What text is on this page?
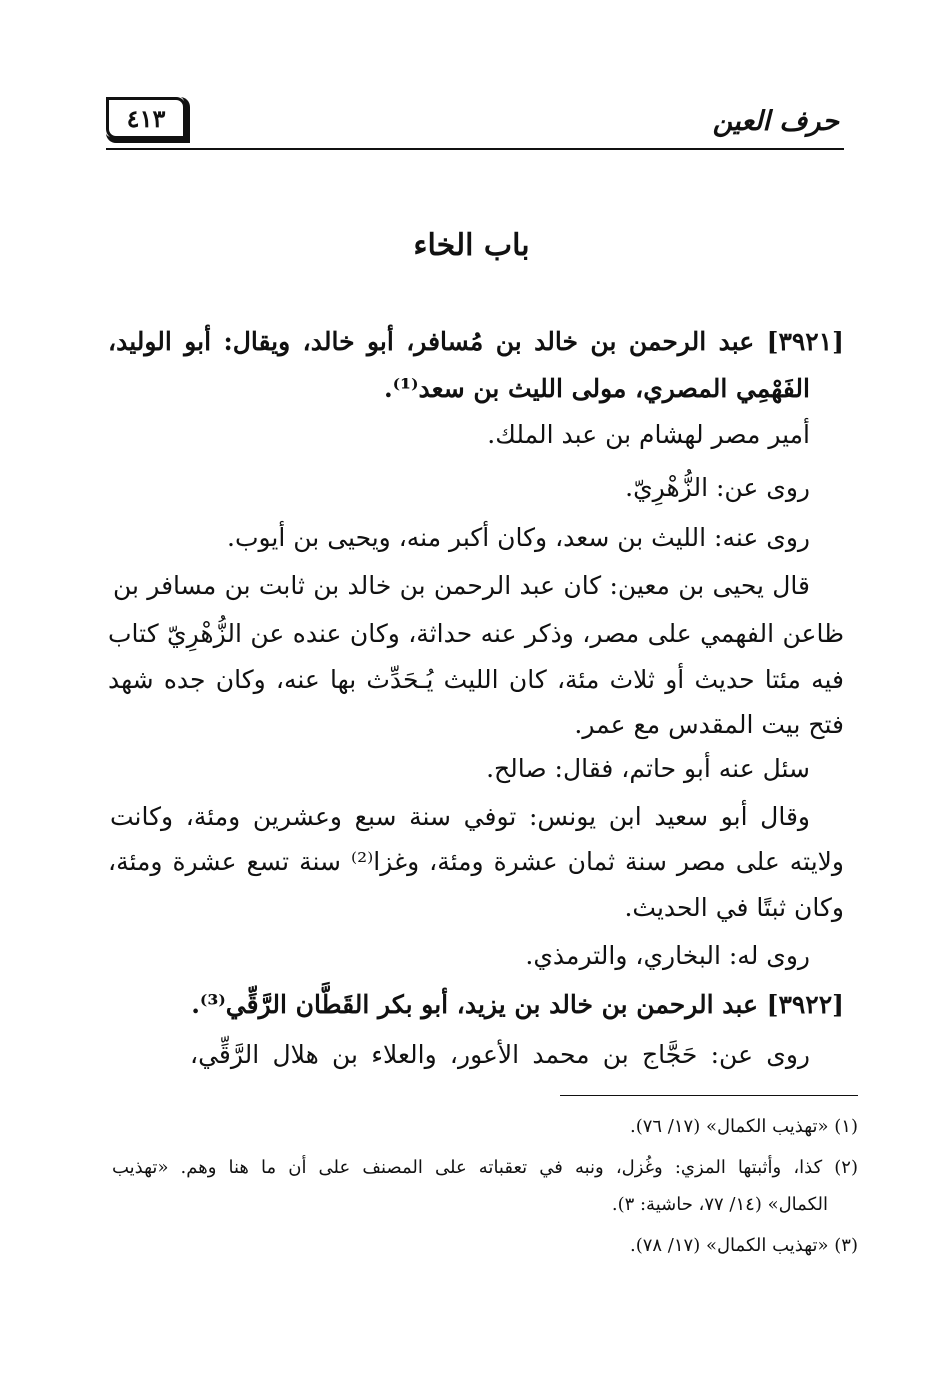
حرف العين
٤١٣
باب الخاء
[٣٩٢١] عبد الرحمن بن خالد بن مُسافر، أبو خالد، ويقال: أبو الوليد،
الفَهْمِي المصري، مولى الليث بن سعد⁽¹⁾.
أمير مصر لهشام بن عبد الملك.
روى عن: الزُّهْرِيّ.
روى عنه: الليث بن سعد، وكان أكبر منه، ويحيى بن أيوب.
قال يحيى بن معين: كان عبد الرحمن بن خالد بن ثابت بن مسافر بن
ظاعن الفهمي على مصر، وذكر عنه حداثة، وكان عنده عن الزُّهْرِيّ كتاب
فيه مئتا حديث أو ثلاث مئة، كان الليث يُـحَدِّث بها عنه، وكان جده شهد
فتح بيت المقدس مع عمر.
سئل عنه أبو حاتم، فقال: صالح.
وقال أبو سعيد ابن يونس: توفي سنة سبع وعشرين ومئة، وكانت
ولايته على مصر سنة ثمان عشرة ومئة، وغزا⁽²⁾ سنة تسع عشرة ومئة،
وكان ثبتًا في الحديث.
روى له: البخاري، والترمذي.
[٣٩٢٢] عبد الرحمن بن خالد بن يزيد، أبو بكر القَطَّان الرَّقِّي⁽³⁾.
روى عن: حَجَّاج بن محمد الأعور، والعلاء بن هلال الرَّقِّي،
(١) «تهذيب الكمال» (١٧/ ٧٦).
(٢) كذا، وأثبتها المزي: وغُزل، ونبه في تعقباته على المصنف على أن ما هنا وهم. «تهذيب
الكمال» (١٤/ ٧٧، حاشية: ٣).
(٣) «تهذيب الكمال» (١٧/ ٧٨).
